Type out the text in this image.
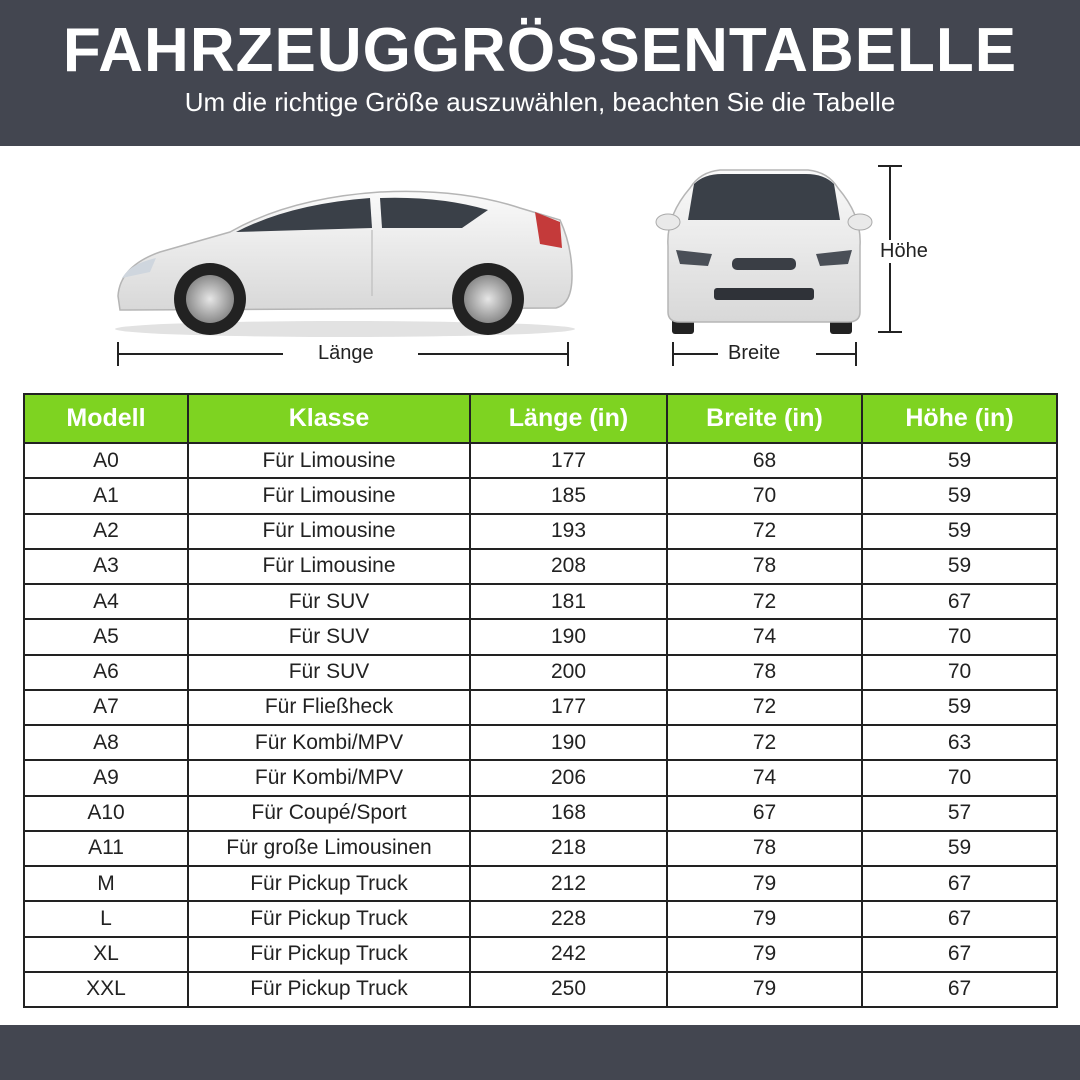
FAHRZEUGGRÖSSENTABELLE
Um die richtige Größe auszuwählen, beachten Sie die Tabelle
Länge	Breite
Höhe
Modell	Klasse	Länge (in)	Breite (in)	Höhe (in)
A0	Für Limousine	177	68	59
A1	Für Limousine	185	70	59
A2	Für Limousine	193	72	59
A3	Für Limousine	208	78	59
A4	Für SUV	181	72	67
A5	Für SUV	190	74	70
A6	Für SUV	200	78	70
A7	Für Fließheck	177	72	59
A8	Für Kombi/MPV	190	72	63
A9	Für Kombi/MPV	206	74	70
A10	Für Coupé/Sport	168	67	57
A11	Für große Limousinen	218	78	59
M	Für Pickup Truck	212	79	67
L	Für Pickup Truck	228	79	67
XL	Für Pickup Truck	242	79	67
XXL	Für Pickup Truck	250	79	67
